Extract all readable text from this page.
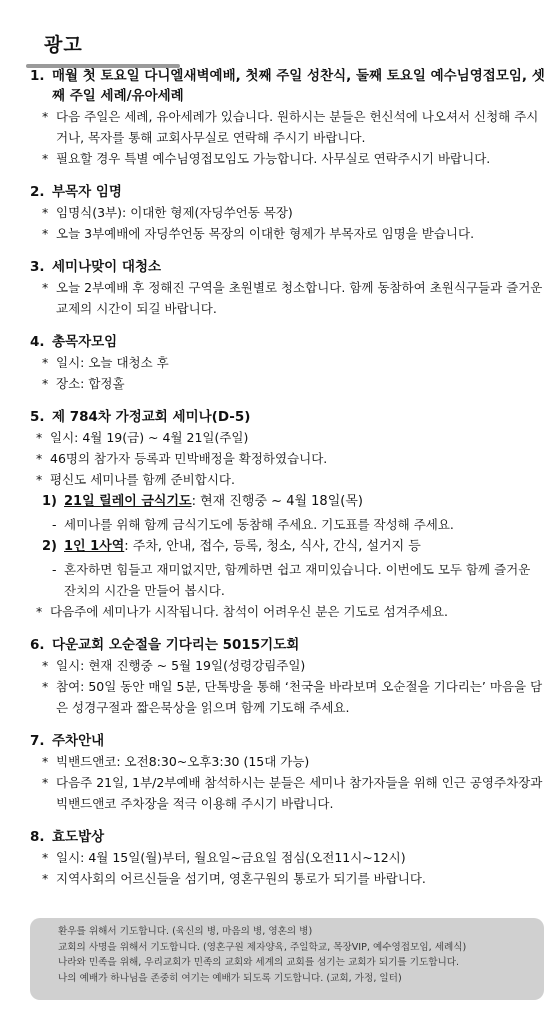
광고
1. 매월 첫 토요일 다니엘새벽예배, 첫째 주일 성찬식, 둘째 토요일 예수님영접모임, 셋째 주일 세례/유아세례
* 다음 주일은 세례, 유아세례가 있습니다. 원하시는 분들은 헌신석에 나오셔서 신청해 주시거나, 목자를 통해 교회사무실로 연락해 주시기 바랍니다.
* 필요할 경우 특별 예수님영접모임도 가능합니다. 사무실로 연락주시기 바랍니다.
2. 부목자 임명
* 임명식(3부): 이대한 형제(자딩쑤언동 목장)
* 오늘 3부예배에 자딩쑤언동 목장의 이대한 형제가 부목자로 임명을 받습니다.
3. 세미나맞이 대청소
* 오늘 2부예배 후 정해진 구역을 초원별로 청소합니다. 함께 동참하여 초원식구들과 즐거운 교제의 시간이 되길 바랍니다.
4. 총목자모임
* 일시: 오늘 대청소 후
* 장소: 합정홀
5. 제 784차 가정교회 세미나(D-5)
* 일시: 4월 19(금) ~ 4월 21일(주일)
* 46명의 참가자 등록과 민박배정을 확정하였습니다.
* 평신도 세미나를 함께 준비합시다.
1) 21일 릴레이 금식기도: 현재 진행중 ~ 4월 18일(목)
- 세미나를 위해 함께 금식기도에 동참해 주세요. 기도표를 작성해 주세요.
2) 1인 1사역: 주차, 안내, 접수, 등록, 청소, 식사, 간식, 설거지 등
- 혼자하면 힘들고 재미없지만, 함께하면 쉽고 재미있습니다. 이번에도 모두 함께 즐거운 잔치의 시간을 만들어 봅시다.
* 다음주에 세미나가 시작됩니다. 참석이 어려우신 분은 기도로 섬겨주세요.
6. 다운교회 오순절을 기다리는 5015기도회
* 일시: 현재 진행중 ~ 5월 19일(성령강림주일)
* 참여: 50일 동안 매일 5분, 단톡방을 통해 ‘천국을 바라보며 오순절을 기다리는’ 마음을 담은 성경구절과 짧은묵상을 읽으며 함께 기도해 주세요.
7. 주차안내
* 빅밴드앤코: 오전8:30~오후3:30 (15대 가능)
* 다음주 21일, 1부/2부예배 참석하시는 분들은 세미나 참가자들을 위해 인근 공영주차장과 빅밴드앤코 주차장을 적극 이용해 주시기 바랍니다.
8. 효도밥상
* 일시: 4월 15일(월)부터, 월요일~금요일 점심(오전11시~12시)
* 지역사회의 어르신들을 섬기며, 영혼구원의 통로가 되기를 바랍니다.
환우를 위해서 기도합니다. (육신의 병, 마음의 병, 영혼의 병)
교회의 사명을 위해서 기도합니다. (영혼구원 제자양육, 주일학교, 목장VIP, 예수영접모임, 세례식)
나라와 민족을 위해, 우리교회가 민족의 교회와 세계의 교회를 섬기는 교회가 되기를 기도합니다.
나의 예배가 하나님을 존중히 여기는 예배가 되도록 기도합니다. (교회, 가정, 일터)
